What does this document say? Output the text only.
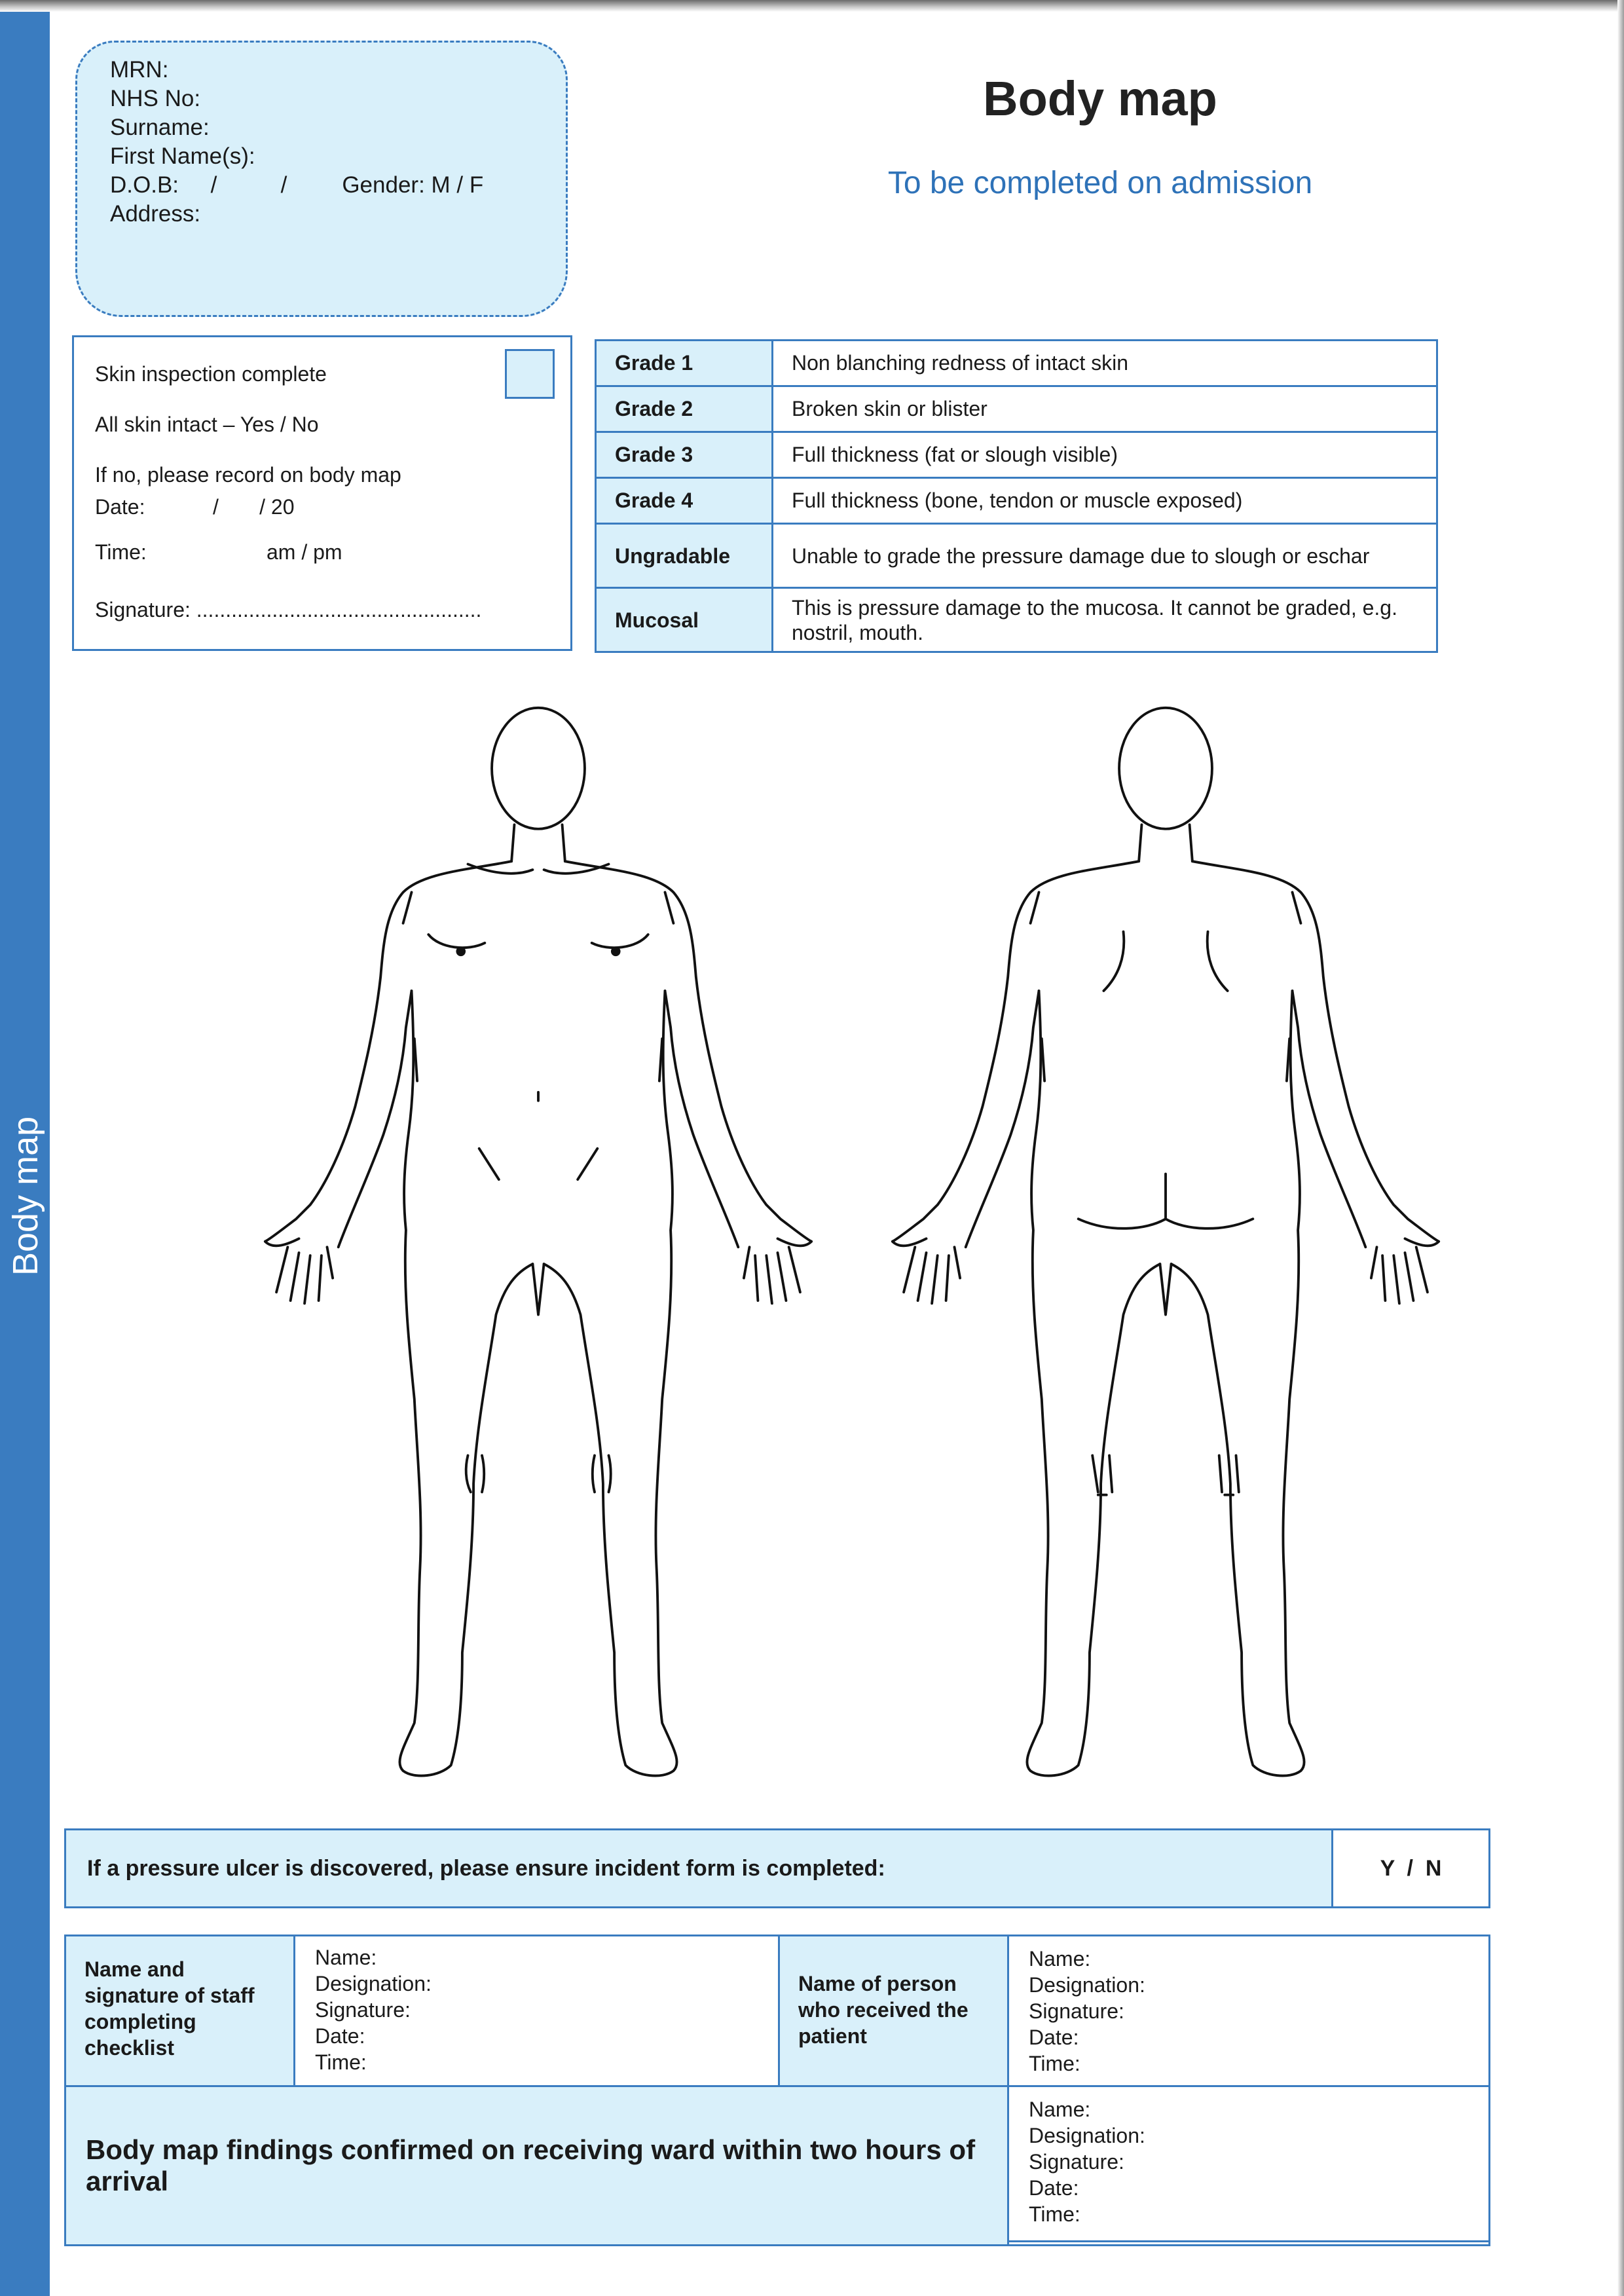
Body map
MRN:
NHS No:
Surname:
First Name(s):
D.O.B:     /          / Gender: M / F
Address:
Body map
To be completed on admission

Skin inspection complete

All skin intact – Yes / No

If no, please record on body map

Date:	/       / 20
Time:	am / pm
Signature: .................................................
Grade 1	Non blanching redness of intact skin
Grade 2	Broken skin or blister
Grade 3	Full thickness (fat or slough visible)
Grade 4	Full thickness (bone, tendon or muscle exposed)
Ungradable	Unable to grade the pressure damage due to slough or eschar
Mucosal	This is pressure damage to the mucosa. It cannot be graded, e.g. nostril, mouth.
If a pressure ulcer is discovered, please ensure incident form is completed:	Y  /  N
Name and signature of staff completing checklist
Name:
Designation:
Signature:
Date:
Time:
Name of person who received the patient
Name:
Designation:
Signature:
Date:
Time:
Body map findings confirmed on receiving ward within two hours of arrival
Name:
Designation:
Signature:
Date:
Time:
